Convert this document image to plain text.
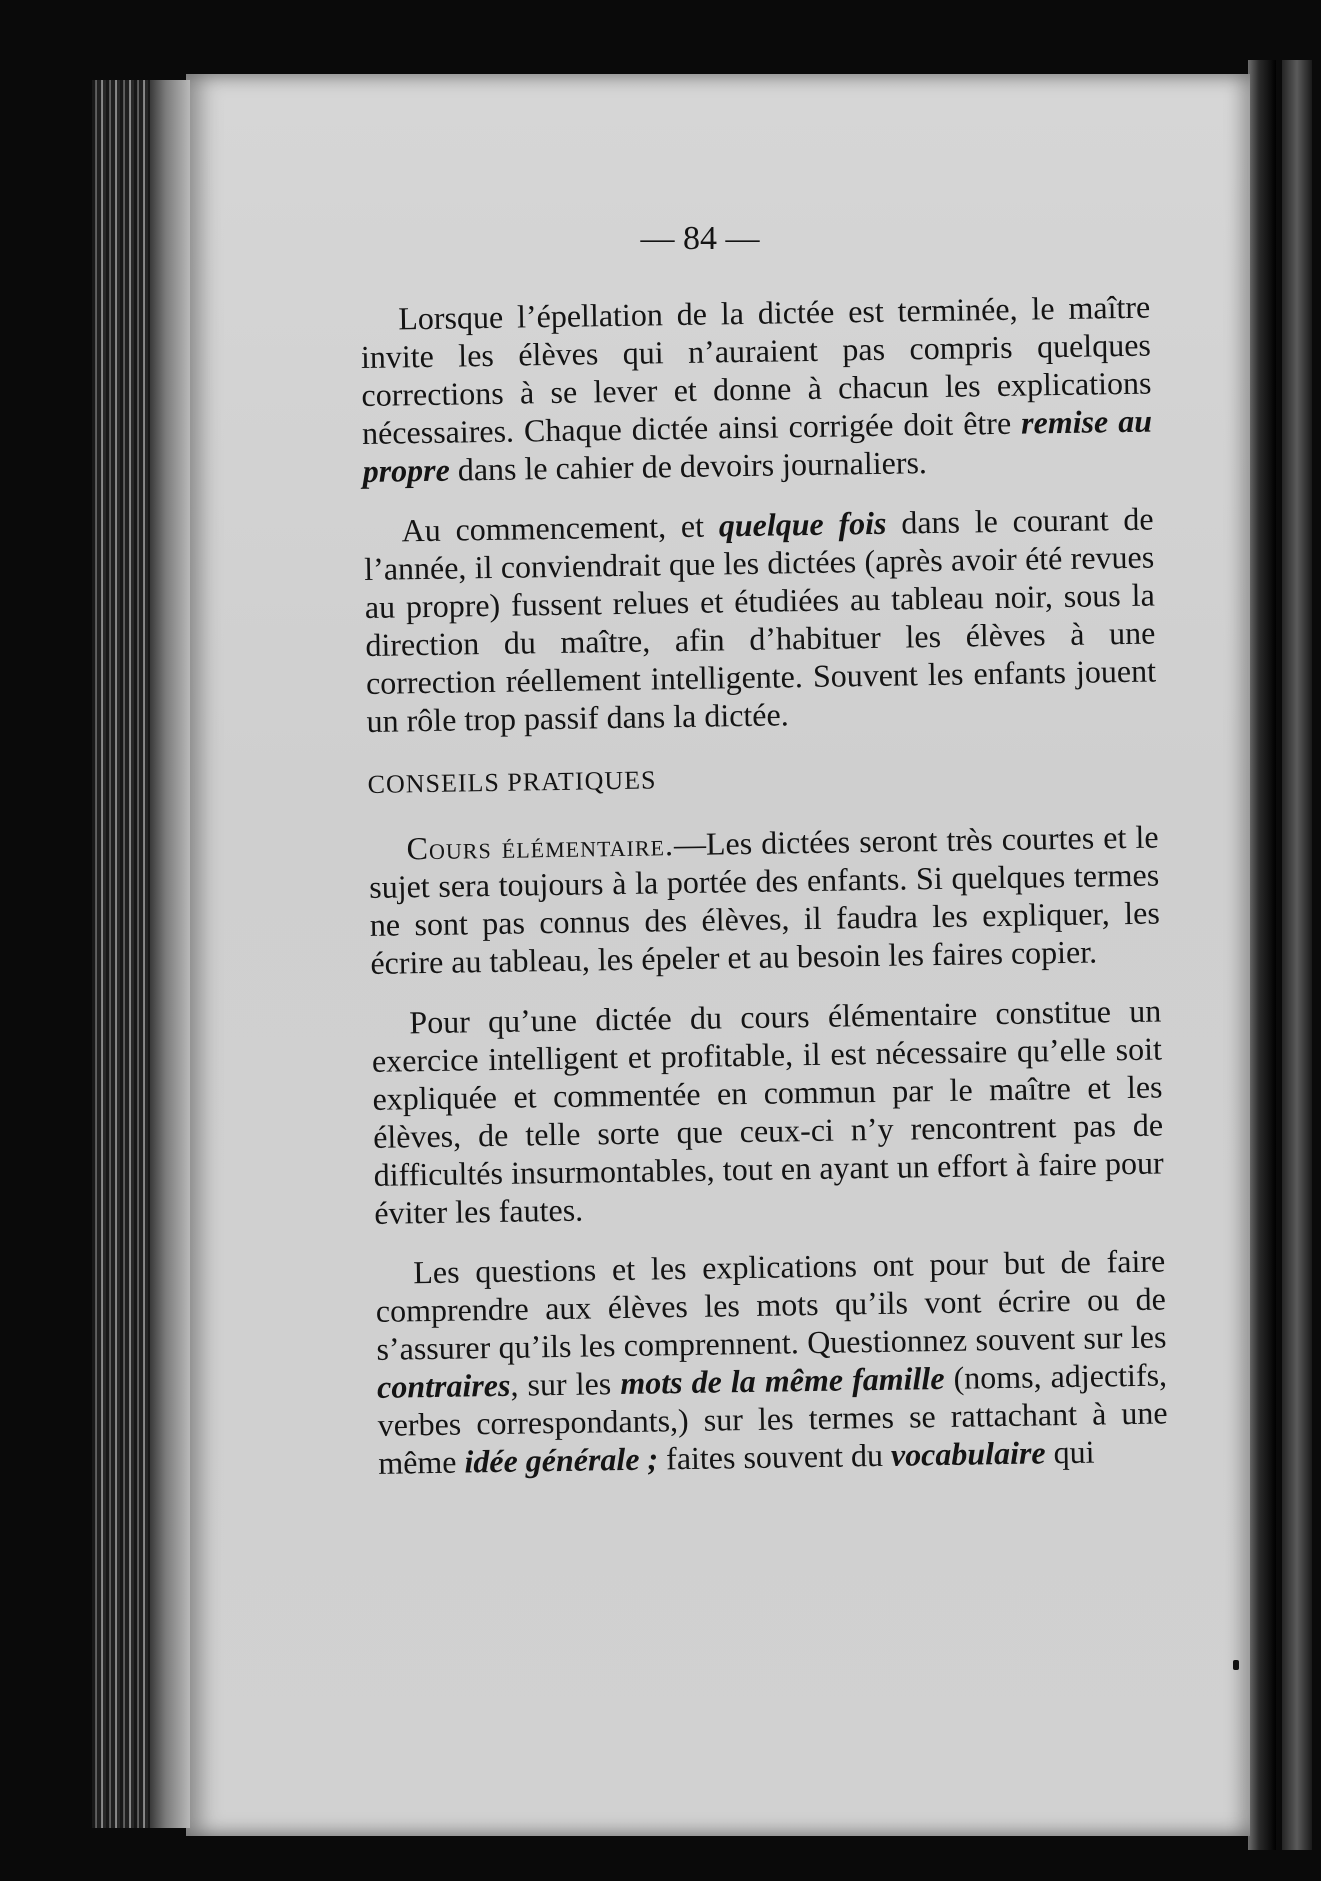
— 84 —

Lorsque l’épellation de la dictée est terminée, le maître invite les élèves qui n’auraient pas compris quelques corrections à se lever et donne à chacun les explications nécessaires. Chaque dictée ainsi corrigée doit être remise au propre dans le cahier de devoirs journaliers.

Au commencement, et quelque fois dans le courant de l’année, il conviendrait que les dictées (après avoir été revues au propre) fussent relues et étudiées au tableau noir, sous la direction du maître, afin d’habituer les élèves à une correction réellement intelligente. Souvent les enfants jouent un rôle trop passif dans la dictée.

CONSEILS PRATIQUES

Cours élémentaire.—Les dictées seront très courtes et le sujet sera toujours à la portée des enfants. Si quelques termes ne sont pas connus des élèves, il faudra les expliquer, les écrire au tableau, les épeler et au besoin les faires copier.

Pour qu’une dictée du cours élémentaire constitue un exercice intelligent et profitable, il est nécessaire qu’elle soit expliquée et commentée en commun par le maître et les élèves, de telle sorte que ceux-ci n’y rencontrent pas de difficultés insurmontables, tout en ayant un effort à faire pour éviter les fautes.

Les questions et les explications ont pour but de faire comprendre aux élèves les mots qu’ils vont écrire ou de s’assurer qu’ils les comprennent. Questionnez souvent sur les contraires, sur les mots de la même famille (noms, adjectifs, verbes correspondants,) sur les termes se rattachant à une même idée générale ; faites souvent du vocabulaire qui
